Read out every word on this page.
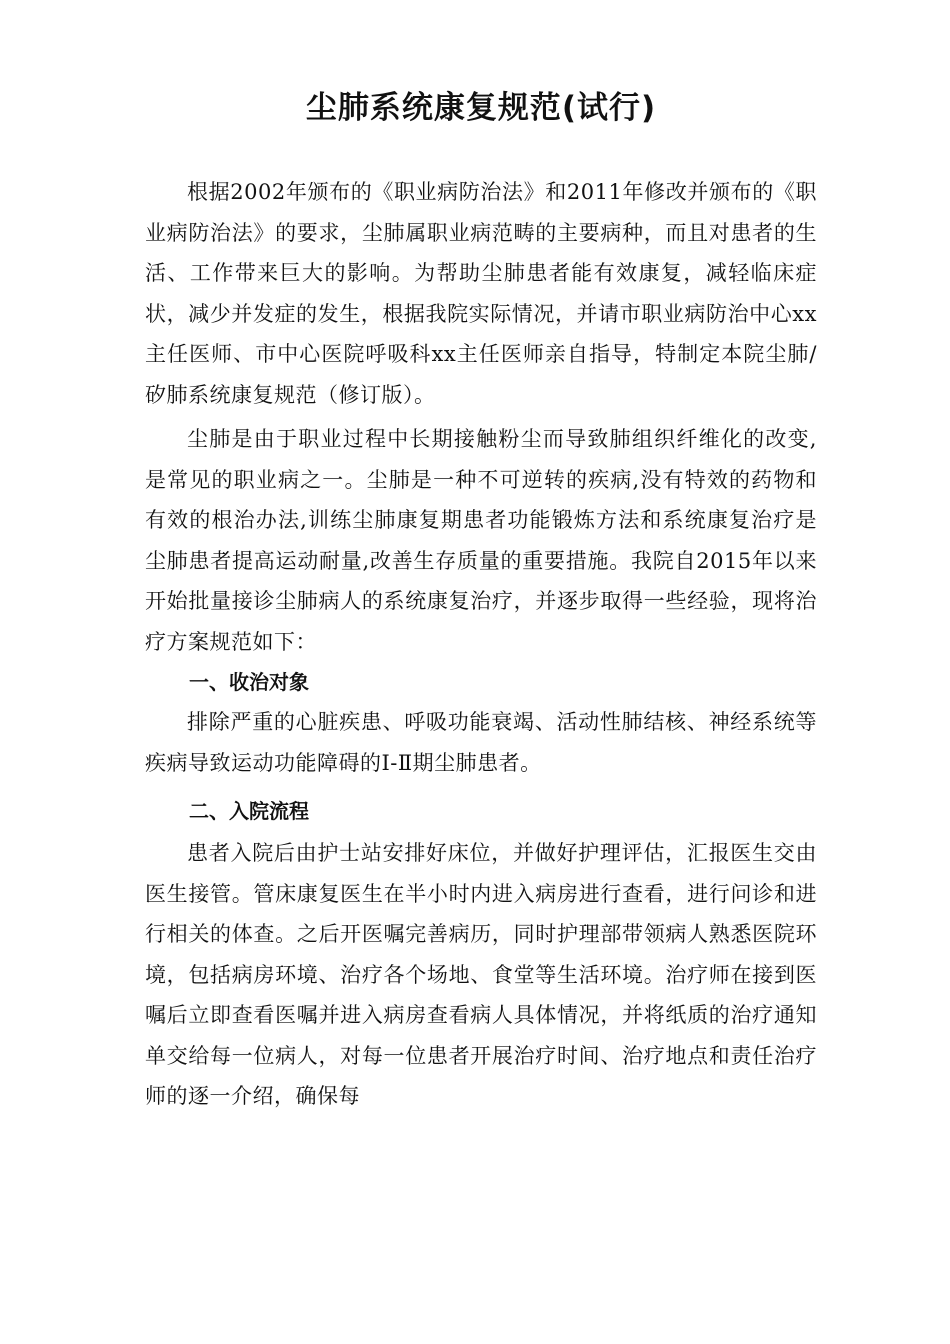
尘肺系统康复规范(试行)

根据2002年颁布的《职业病防治法》和2011年修改并颁布的《职业病防治法》的要求，尘肺属职业病范畴的主要病种，而且对患者的生活、工作带来巨大的影响。为帮助尘肺患者能有效康复，减轻临床症状，减少并发症的发生，根据我院实际情况，并请市职业病防治中心xx主任医师、市中心医院呼吸科xx主任医师亲自指导，特制定本院尘肺/矽肺系统康复规范（修订版）。

尘肺是由于职业过程中长期接触粉尘而导致肺组织纤维化的改变,是常见的职业病之一。尘肺是一种不可逆转的疾病,没有特效的药物和有效的根治办法,训练尘肺康复期患者功能锻炼方法和系统康复治疗是尘肺患者提高运动耐量,改善生存质量的重要措施。我院自2015年以来开始批量接诊尘肺病人的系统康复治疗，并逐步取得一些经验，现将治疗方案规范如下：

一、收治对象

排除严重的心脏疾患、呼吸功能衰竭、活动性肺结核、神经系统等疾病导致运动功能障碍的Ⅰ-Ⅱ期尘肺患者。

二、入院流程

患者入院后由护士站安排好床位，并做好护理评估，汇报医生交由医生接管。管床康复医生在半小时内进入病房进行查看，进行问诊和进行相关的体查。之后开医嘱完善病历，同时护理部带领病人熟悉医院环境，包括病房环境、治疗各个场地、食堂等生活环境。治疗师在接到医嘱后立即查看医嘱并进入病房查看病人具体情况，并将纸质的治疗通知单交给每一位病人，对每一位患者开展治疗时间、治疗地点和责任治疗师的逐一介绍，确保每
